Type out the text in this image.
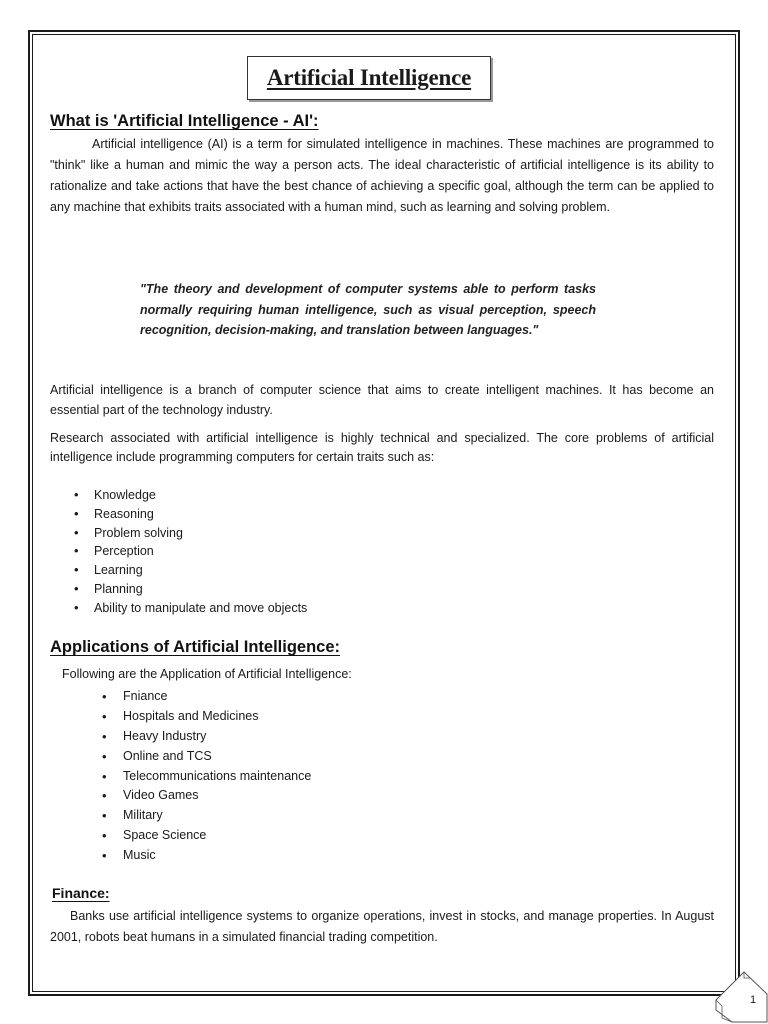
Artificial Intelligence
What is 'Artificial Intelligence - AI':

Artificial intelligence (AI) is a term for simulated intelligence in machines. These machines are programmed to "think" like a human and mimic the way a person acts. The ideal characteristic of artificial intelligence is its ability to rationalize and take actions that have the best chance of achieving a specific goal, although the term can be applied to any machine that exhibits traits associated with a human mind, such as learning and solving problem.

"The theory and development of computer systems able to perform tasks normally requiring human intelligence, such as visual perception, speech recognition, decision-making, and translation between languages."

Artificial intelligence is a branch of computer science that aims to create intelligent machines. It has become an essential part of the technology industry.

Research associated with artificial intelligence is highly technical and specialized. The core problems of artificial intelligence include programming computers for certain traits such as:

• Knowledge
• Reasoning
• Problem solving
• Perception
• Learning
• Planning
• Ability to manipulate and move objects
Applications of Artificial Intelligence:
Following are the Application of Artificial Intelligence:
• Fniance
• Hospitals and Medicines
• Heavy Industry
• Online and TCS
• Telecommunications maintenance
• Video Games
• Military
• Space Science
• Music
Finance:

Banks use artificial intelligence systems to organize operations, invest in stocks, and manage properties. In August 2001, robots beat humans in a simulated financial trading competition.

1
